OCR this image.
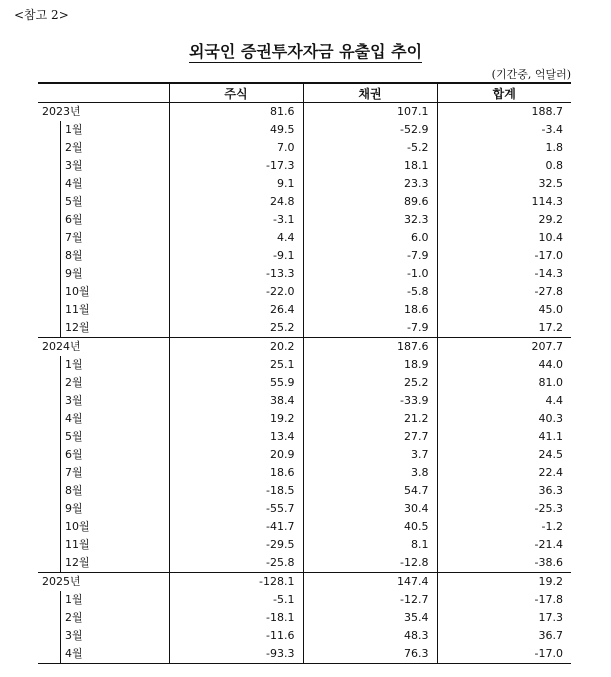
<참고 2>
외국인 증권투자자금 유출입 추이
(기간중, 억달러)
	주식	채권	합계
2023년	81.6	107.1	188.7
1월	49.5	-52.9	-3.4
2월	7.0	-5.2	1.8
3월	-17.3	18.1	0.8
4월	9.1	23.3	32.5
5월	24.8	89.6	114.3
6월	-3.1	32.3	29.2
7월	4.4	6.0	10.4
8월	-9.1	-7.9	-17.0
9월	-13.3	-1.0	-14.3
10월	-22.0	-5.8	-27.8
11월	26.4	18.6	45.0
12월	25.2	-7.9	17.2
2024년	20.2	187.6	207.7
1월	25.1	18.9	44.0
2월	55.9	25.2	81.0
3월	38.4	-33.9	4.4
4월	19.2	21.2	40.3
5월	13.4	27.7	41.1
6월	20.9	3.7	24.5
7월	18.6	3.8	22.4
8월	-18.5	54.7	36.3
9월	-55.7	30.4	-25.3
10월	-41.7	40.5	-1.2
11월	-29.5	8.1	-21.4
12월	-25.8	-12.8	-38.6
2025년	-128.1	147.4	19.2
1월	-5.1	-12.7	-17.8
2월	-18.1	35.4	17.3
3월	-11.6	48.3	36.7
4월	-93.3	76.3	-17.0
